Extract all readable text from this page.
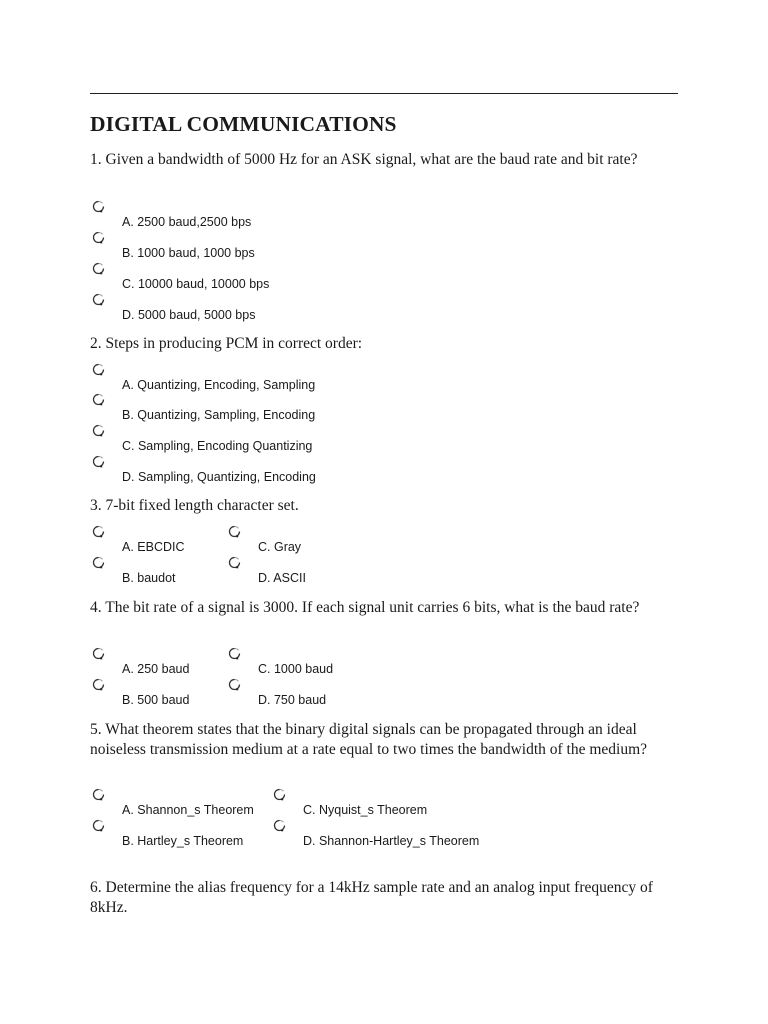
DIGITAL COMMUNICATIONS
1. Given a bandwidth of 5000 Hz for an ASK signal, what are the baud rate and bit rate?
A. 2500 baud,2500 bps
B. 1000 baud, 1000 bps
C. 10000 baud, 10000 bps
D. 5000 baud, 5000 bps
2. Steps in producing PCM in correct order:
A. Quantizing, Encoding, Sampling
B. Quantizing, Sampling, Encoding
C. Sampling, Encoding Quantizing
D. Sampling, Quantizing, Encoding
3. 7-bit fixed length character set.
A. EBCDIC
B. baudot
C. Gray
D. ASCII
4. The bit rate of a signal is 3000. If each signal unit carries 6 bits, what is the baud rate?
A. 250 baud
B. 500 baud
C. 1000 baud
D. 750 baud
5. What theorem states that the binary digital signals can be propagated through an ideal noiseless transmission medium at a rate equal to two times the bandwidth of the medium?
A. Shannon_s Theorem
B. Hartley_s Theorem
C. Nyquist_s Theorem
D. Shannon-Hartley_s Theorem
6. Determine the alias frequency for a 14kHz sample rate and an analog input frequency of 8kHz.
